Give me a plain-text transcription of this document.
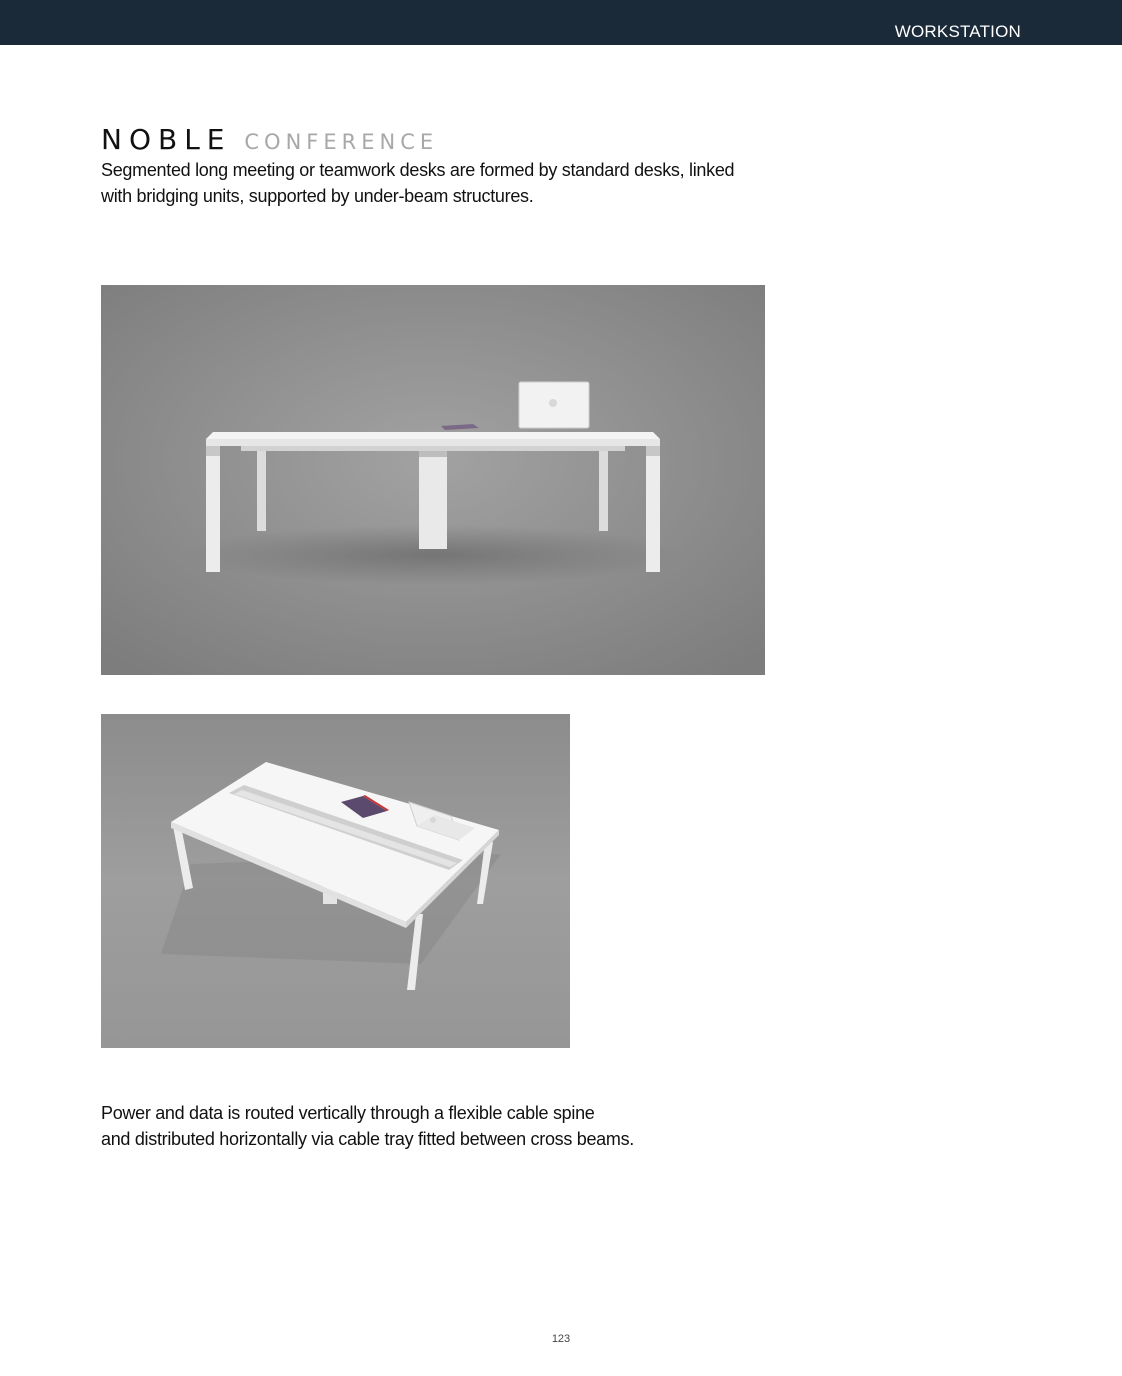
WORKSTATION
NOBLE CONFERENCE

Segmented long meeting or teamwork desks are formed by standard desks, linked
with bridging units, supported by under-beam structures.

Power and data is routed vertically through a flexible cable spine
and distributed horizontally via cable tray fitted between cross beams.

123
